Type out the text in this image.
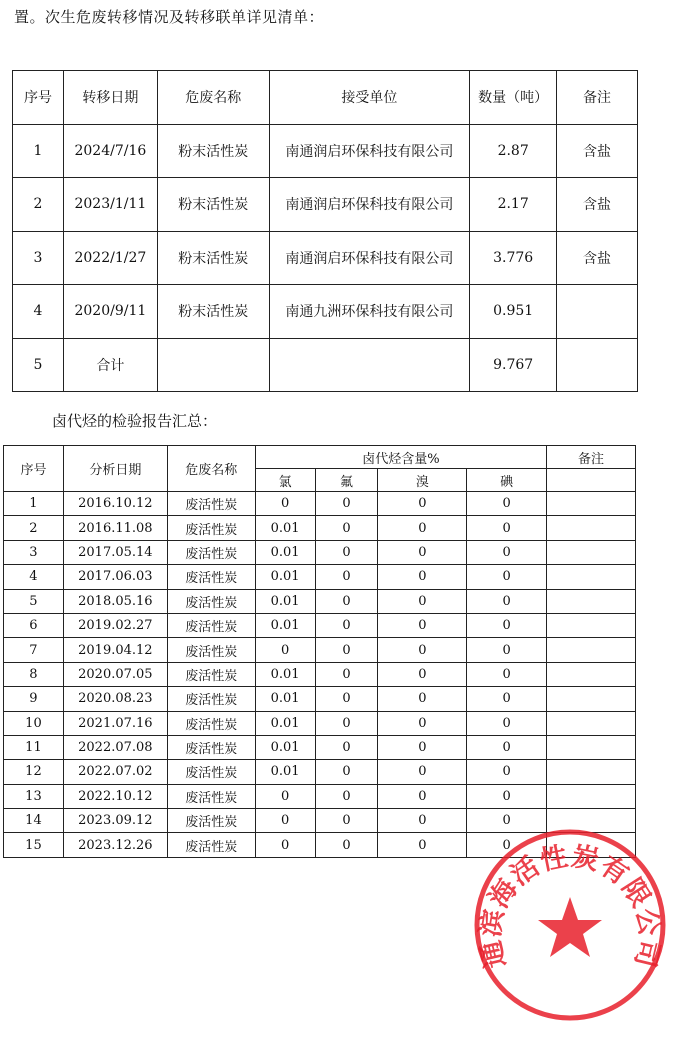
置。次生危废转移情况及转移联单详见清单：
序号	转移日期	危废名称	接受单位	数量（吨）	备注
1	2024/7/16	粉末活性炭	南通润启环保科技有限公司	2.87	含盐
2	2023/1/11	粉末活性炭	南通润启环保科技有限公司	2.17	含盐
3	2022/1/27	粉末活性炭	南通润启环保科技有限公司	3.776	含盐
4	2020/9/11	粉末活性炭	南通九洲环保科技有限公司	0.951	
5	合计			9.767	
卤代烃的检验报告汇总：
序号	分析日期	危废名称	卤代烃含量%				备注
			氯	氟	溴	碘	
1	2016.10.12	废活性炭	0	0	0	0	
2	2016.11.08	废活性炭	0.01	0	0	0	
3	2017.05.14	废活性炭	0.01	0	0	0	
4	2017.06.03	废活性炭	0.01	0	0	0	
5	2018.05.16	废活性炭	0.01	0	0	0	
6	2019.02.27	废活性炭	0.01	0	0	0	
7	2019.04.12	废活性炭	0	0	0	0	
8	2020.07.05	废活性炭	0.01	0	0	0	
9	2020.08.23	废活性炭	0.01	0	0	0	
10	2021.07.16	废活性炭	0.01	0	0	0	
11	2022.07.08	废活性炭	0.01	0	0	0	
12	2022.07.02	废活性炭	0.01	0	0	0	
13	2022.10.12	废活性炭	0	0	0	0	
14	2023.09.12	废活性炭	0	0	0	0	
15	2023.12.26	废活性炭	0	0	0	0	
通滨海活性炭有限公司
